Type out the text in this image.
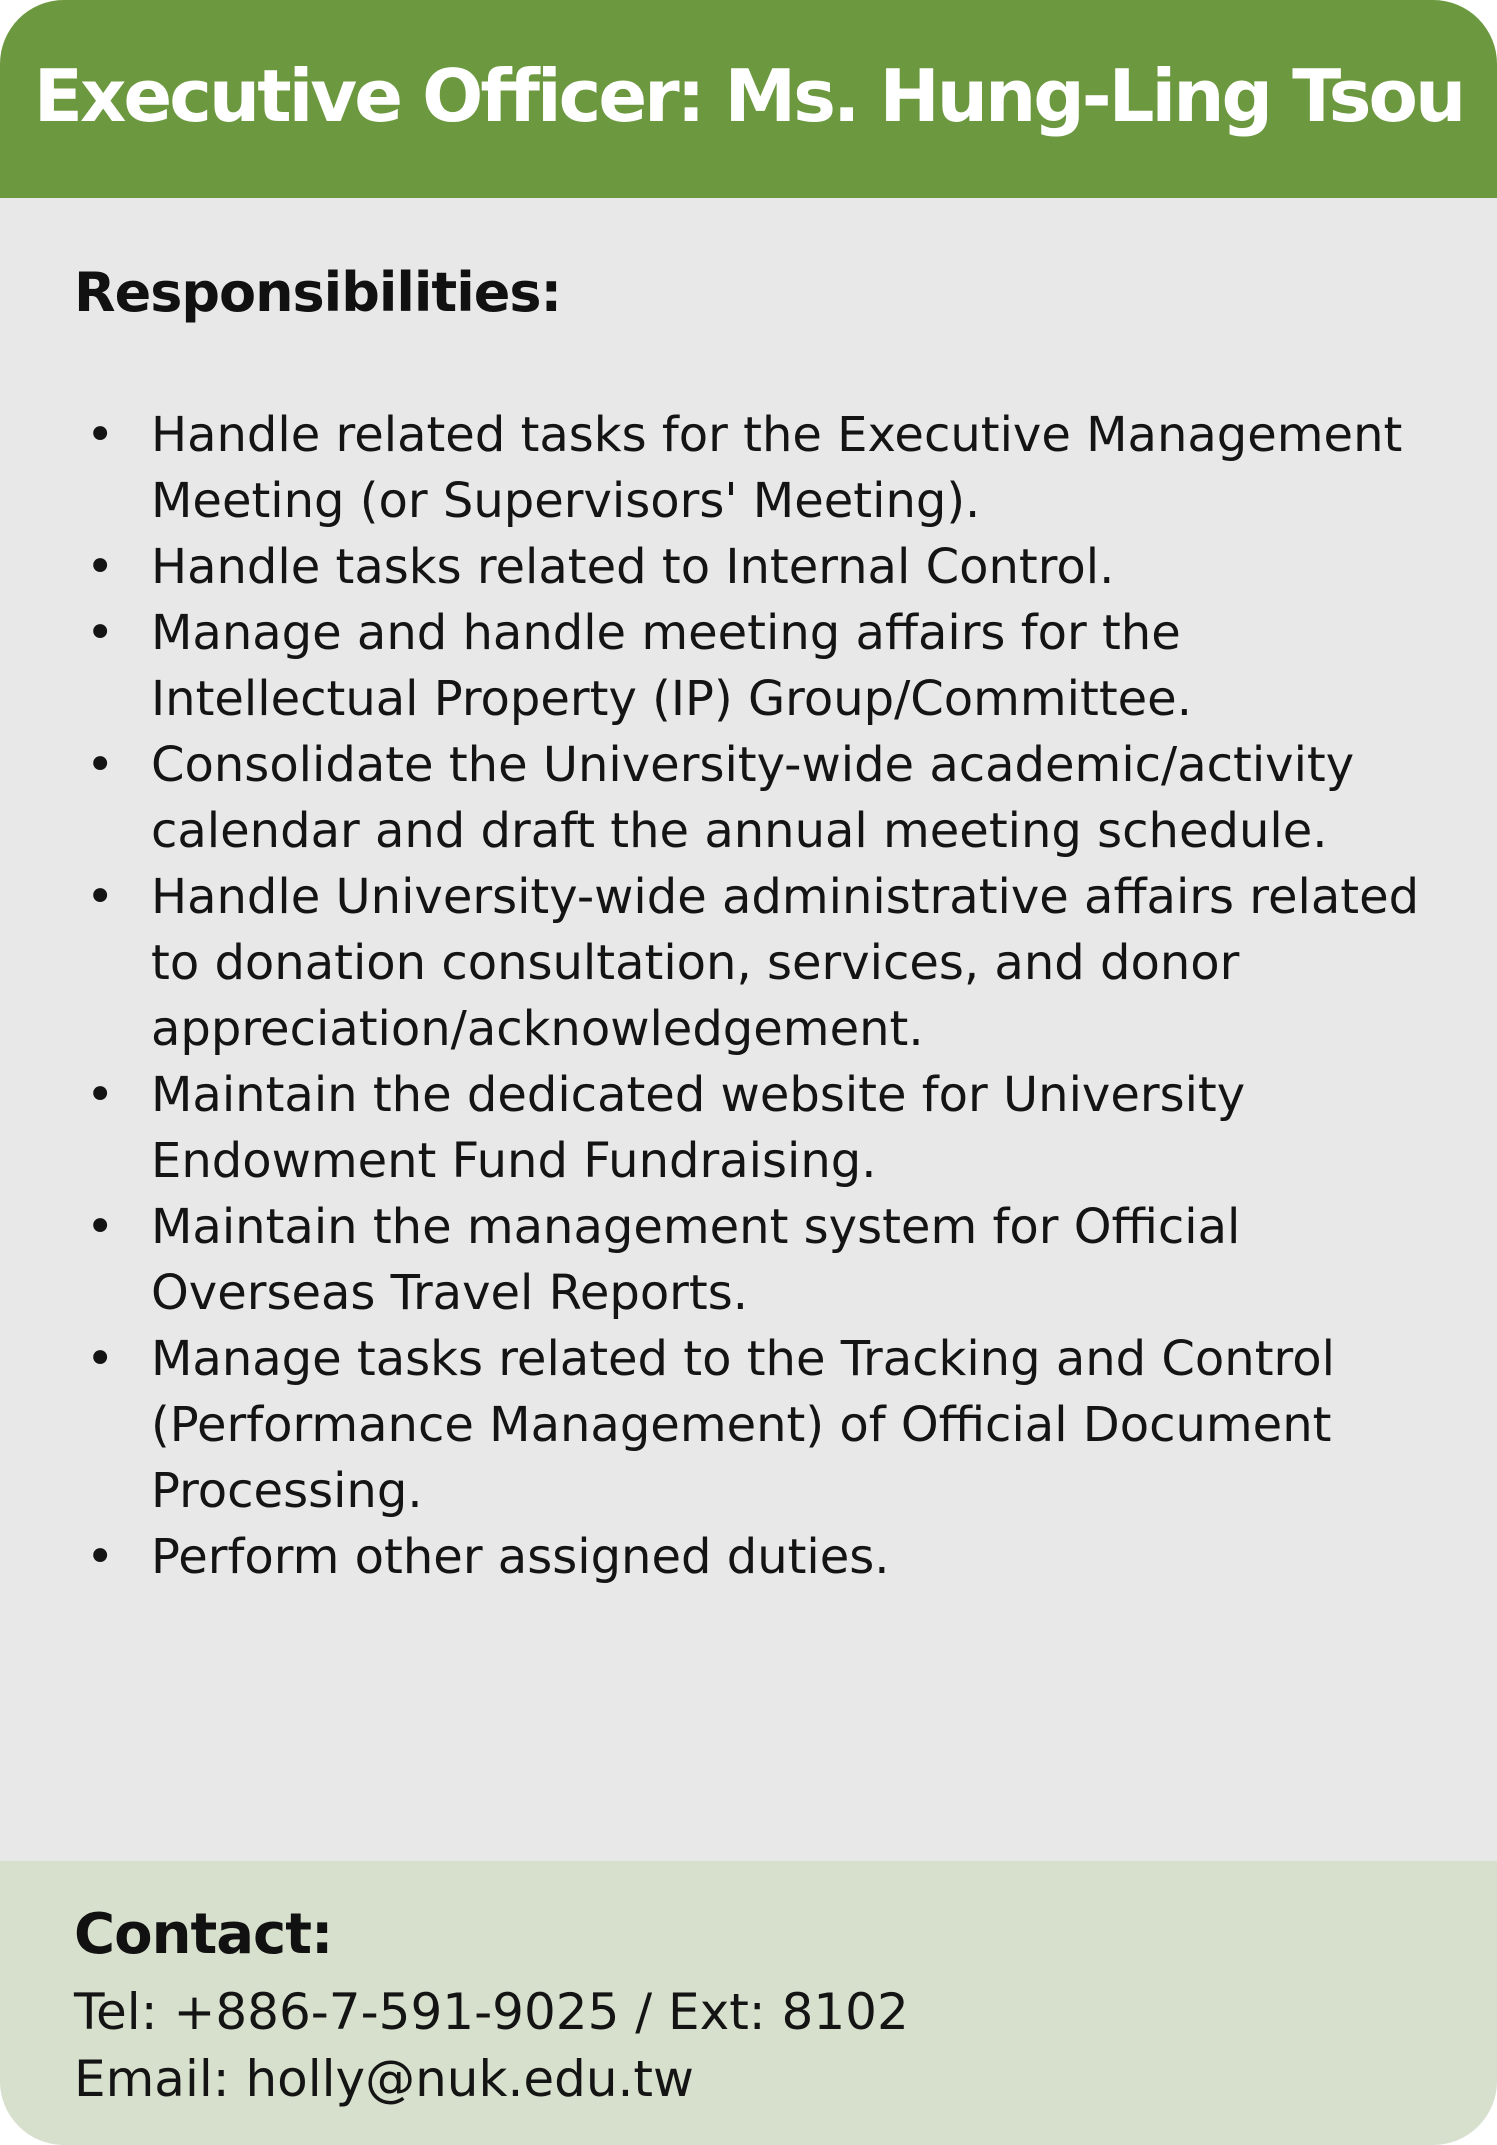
Executive Officer: Ms. Hung-Ling Tsou
Responsibilities:
• Handle related tasks for the Executive Management Meeting (or Supervisors' Meeting).
• Handle tasks related to Internal Control.
• Manage and handle meeting affairs for the Intellectual Property (IP) Group/Committee.
• Consolidate the University-wide academic/activity calendar and draft the annual meeting schedule.
• Handle University-wide administrative affairs related to donation consultation, services, and donor appreciation/acknowledgement.
• Maintain the dedicated website for University Endowment Fund Fundraising.
• Maintain the management system for Official Overseas Travel Reports.
• Manage tasks related to the Tracking and Control (Performance Management) of Official Document Processing.
• Perform other assigned duties.
Contact:

Tel: +886-7-591-9025 / Ext: 8102

Email: holly@nuk.edu.tw
